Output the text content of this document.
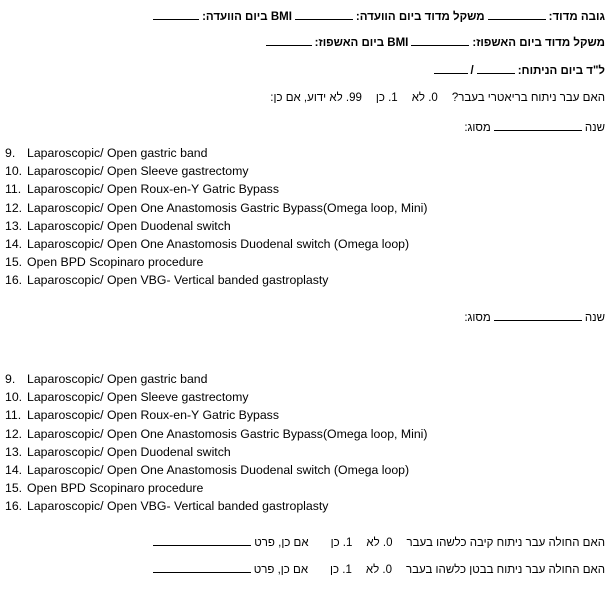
גובה מדוד:משקל מדוד ביום הוועדה:BMI ביום הוועדה:
משקל מדוד ביום האשפוז:BMI ביום האשפוז:
ל"ד ביום הניתוח:/
האם עבר ניתוח בריאטרי בעבר?0. לא1. כן99. לא ידוע, אם כן:
שנהמסוג:
9. Laparoscopic/ Open gastric band
10. Laparoscopic/ Open Sleeve gastrectomy
11. Laparoscopic/ Open Roux-en-Y Gatric Bypass
12. Laparoscopic/ Open One Anastomosis Gastric Bypass(Omega loop, Mini)
13. Laparoscopic/ Open Duodenal switch
14. Laparoscopic/ Open One Anastomosis Duodenal switch (Omega loop)
15. Open BPD Scopinaro procedure
16. Laparoscopic/ Open VBG- Vertical banded gastroplasty
שנהמסוג:
9. Laparoscopic/ Open gastric band
10. Laparoscopic/ Open Sleeve gastrectomy
11. Laparoscopic/ Open Roux-en-Y Gatric Bypass
12. Laparoscopic/ Open One Anastomosis Gastric Bypass(Omega loop, Mini)
13. Laparoscopic/ Open Duodenal switch
14. Laparoscopic/ Open One Anastomosis Duodenal switch (Omega loop)
15. Open BPD Scopinaro procedure
16. Laparoscopic/ Open VBG- Vertical banded gastroplasty
האם החולה עבר ניתוח קיבה כלשהו בעבר0. לא1. כןאם כן, פרט
האם החולה עבר ניתוח בבטן כלשהו בעבר0. לא1. כןאם כן, פרט
